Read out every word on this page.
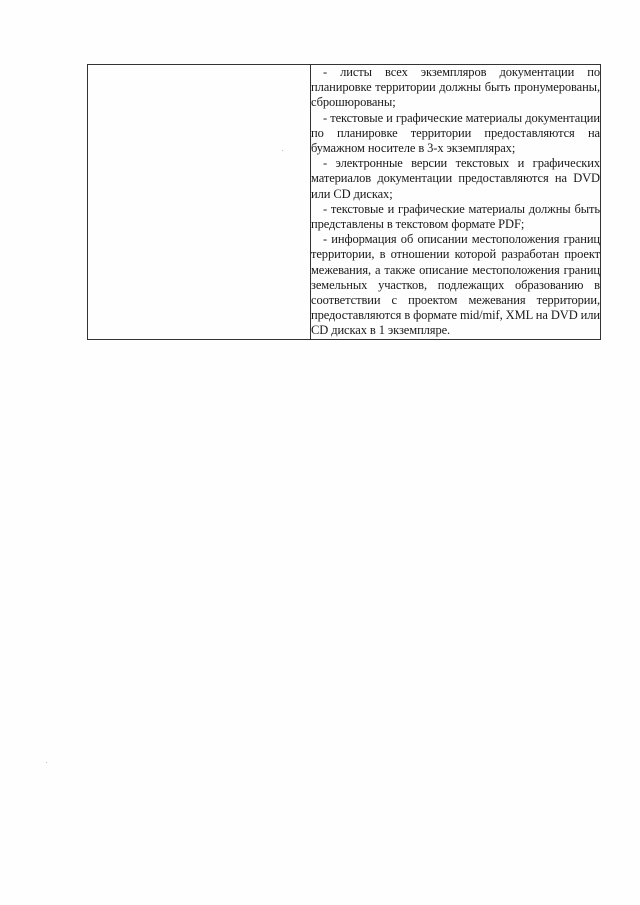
- листы всех экземпляров документации по планировке территории должны быть пронумерованы, сброшюрованы;

- текстовые и графические материалы документации по планировке территории предоставляются на бумажном носителе в 3-х экземплярах;

- электронные версии текстовых и графических материалов документации предоставляются на DVD или CD дисках;

- текстовые и графические материалы должны быть представлены в текстовом формате PDF;

- информация об описании местоположения границ территории, в отношении которой разработан проект межевания, а также описание местоположения границ земельных участков, подлежащих образованию в соответствии с проектом межевания территории, предоставляются в формате mid/mif, XML на DVD или CD дисках в 1 экземпляре.
